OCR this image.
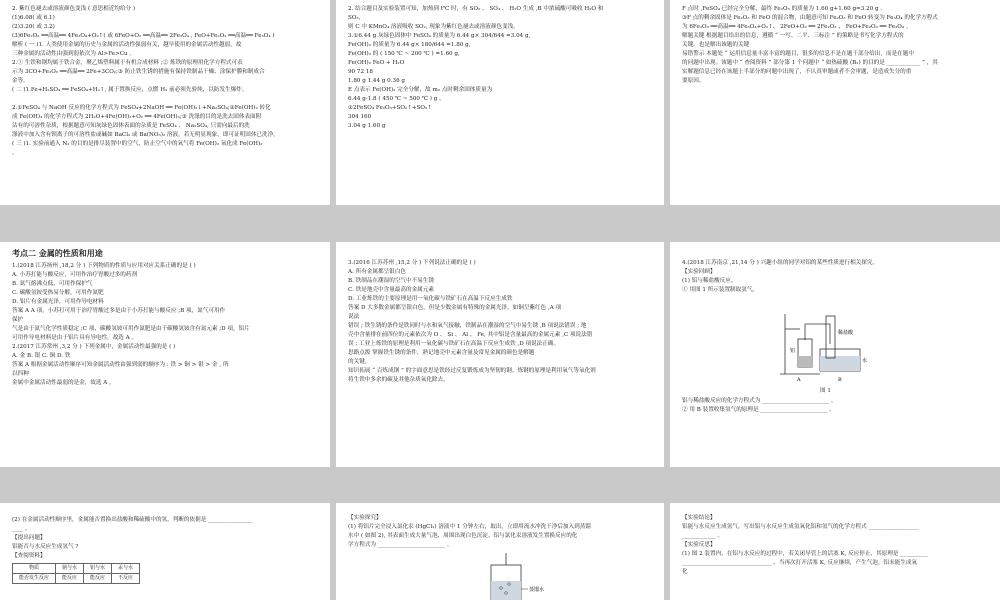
2. 紫红色褪去或溶液颜色变浅 ( 意思相近均给分 )

(1)6.08( 或 6.1)

(2)3.20( 或 3.2)

(3)6Fe₂O₃ ══高温══ 4Fe₃O₄+O₂↑( 或 6FeO+O₂ ══高温══ 2Fe₃O₄ , FeO+Fe₂O₃ ══高温══ Fe₃O₄ )

解析 ( 一 )1. 人类使用金属的历史与金属的活动性强弱有关，越早使用的金属活动性越弱，故

三种金属的活动性由强到弱依次为 Al>Fe>Cu 。

2.① 生铁和钢均属于铁合金，聚乙烯塑料属于有机合成材料 ;② 炼铁的原理用化学方程式可表

示为 3CO+Fe₂O₃ ══高温══ 2Fe+3CO₂;③ 防止铁生锈的措施有保持铁制品干燥、涂保护膜和制成合

金等。

( 二 )1.Fe+H₂SO₄ ══ FeSO₄+H₂↑, 属于置换反应，点燃 H₂ 前必须先验纯，以防发生爆炸。

2.①FeSO₄ 与 NaOH 反应的化学方程式为 FeSO₄+2NaOH ══ Fe(OH)₂↓+Na₂SO₄;②Fe(OH)₂ 转化

成 Fe(OH)₃ 的化学方程式为 2H₂O+4Fe(OH)₂+O₂ ══ 4Fe(OH)₃;③ 洗涤的目的是洗去固体表面附

沾有的可溶性杂质，根据题意可知灰绿色固体表面的杂质是 FeSO₄ 、 Na₂SO₄, 只需向最后的洗

涤液中加入含有钡离子的可溶性盐或碱如 BaCl₂ 或 Ba(NO₃)₂ 溶液，若无明显现象，即可证明固体已洗净。

( 三 )1. 实验前通入 N₂ 的目的是排尽装置中的空气，防止空气中的氧气将 Fe(OH)₂ 氧化成 Fe(OH)₃

。

2. 结合题目及实验装置可知，加热到 t℃ 时，有 SO₂ 、 SO₃ 、 H₂O 生成 ,B 中浓硫酸可吸收 H₂O 和

SO₃,

则 C 中 KMnO₄ 溶液吸收 SO₂, 现象为紫红色褪去或溶液颜色变浅。

3.①6.44 g 灰绿色固体中 FeSO₄ 的质量为 6.44 g× 304/644 =3.04 g,

Fe(OH)₂ 的质量为 6.44 g× 180/644 =1.80 g,

Fe(OH)₂ 的 ( 150 ℃ ~ 200 ℃ ) =1.60 g,

Fe(OH)₂ FeO + H₂O

90 72 18

1.80 g 1.44 g 0.36 g

E 点表示 Fe(OH)₂ 完全分解，故 m₂ 点时剩余固体质量为

6.44 g-1.8 ( 450 ℃ ~ 500 ℃ ) g 。

②2FeSO₄ Fe₂O₃+SO₂↑+SO₃↑

304 160

3.04 g 1.60 g

F 点时 ,FeSO₄ 已经完全分解，最终 Fe₂O₃ 的质量为 1.60 g+1.60 g=3.20 g 。

③F 点的剩余固体是 Fe₂O₃ 和 FeO 的混合物，由题意可知 Fe₂O₃ 和 FeO 转变为 Fe₃O₄ 的化学方程式

为 6Fe₂O₃ ══高温══ 4Fe₃O₄+O₂↑、 2FeO+O₂ ══ 2Fe₂O₃ 、 FeO+Fe₂O₃ ══ Fe₃O₄ 。

解题关键 根据题目给出的信息，遵循 “ 一写、二平、三标注 ” 的策略是书写化学方程式的

关键。也是解出该题的关键

易错警示 本题处 “ 运用信息量丰富丰富的题目，很多的信息不是在题干部分给出，而是在题中

的问题中出现。该题中 “ 查阅资料 ” 部分第 1 个问题中 “ 如热硫酸 (B₂) 的目的是 ____________ ” ，其

实解题信息已经在该题上半部分的问题中出现了，不认真审题或者不会审题，是造成失分的重

要原因。

考点二 金属的性质和用途

1.(2018 江苏扬州 ,18,2 分 ) 下列物质的性质与应用对应关系正确的是 ( )

A. 小苏打能与酸反应，可用作治疗胃酸过多的药剂

B. 氮气熔沸点低，可用作保护气

C. 碳酸氢铵受热易分解，可用作氮肥

D. 铝片有金属光泽，可用作导电材料

答案 A A 项，小苏打可用于治疗胃酸过多是由于小苏打能与酸反应 ;B 项，氮气可用作

保护

气是由于氮气化学性质稳定 ;C 项，碳酸氢铵可用作氮肥是由于碳酸氢铵含有氮元素 ;D 项，铝片

可用作导电材料是由于铝片具有导电性。故选 A 。

2.(2017 江苏常州 ,3,2 分 ) 下列金属中，金属活动性最强的是 ( )

A. 金 B. 银 C. 铜 D. 铁

答案 A 根据金属活动性顺序可知金属活动性由强到弱的顺序为 : 铁 > 铜 > 银 > 金 , 所

以四种

金属中金属活动性最弱的是金，故选 A 。

3.(2016 江苏苏州 ,15,2 分 ) 下列说法正确的是 ( )

A. 所有金属都呈银白色

B. 铁制品在潮湿的空气中不易生锈

C. 铁是地壳中含量最高的金属元素

D. 工业炼铁的主要原理是用一氧化碳与铁矿石在高温下反应生成铁

答案 D 大多数金属都呈银白色，但是少数金属有特殊的金属光泽，如铜呈紫红色 ,A 项

说法

错误 ; 铁生锈的条件是铁同时与水和氧气接触，铁制品在潮湿的空气中易生锈 ,B 项说法错误 ; 地

壳中含量排在前四位的元素依次为 O 、 Si 、 Al 、 Fe, 其中铝是含量最高的金属元素 ,C 项说法错

误 ; 工业上炼铁的原理是利用一氧化碳与铁矿石在高温下反应生成铁 ,D 项说法正确。

思路点拨 掌握铁生锈的条件，熟记地壳中元素含量及常见金属的颜色是解题

的关键。

知识拓展 “ 百炼成钢 ” 的字面意思是铁经过反复锻炼成为坚韧的钢。炼钢的原理是利用氧气等氧化剂

将生铁中多余的碳及其他杂质氧化除去。

4.(2018 江苏南京 ,21,14 分 ) 兴趣小组的同学对铝的某些性质进行相关探究。

【实验回顾】

(1) 铝与稀盐酸反应。

① 用图 1 所示装置制取氢气。

稀盐酸
铝
A	B
水

图 1

铝与稀盐酸反应的化学方程式为 ________________________ 。

② 用 B 装置收集氢气的原理是 ________________________ 。

(2) 在金属活动性顺序里，金属能否置换出盐酸和稀硫酸中的氢，判断的依据是 ________________

____ 。

【提出问题】

铝能否与水反应生成氢气 ?

【查阅资料】

物质	钠与水	铝与水	汞与水
能否发生反应	能反应	能反应	不反应

【实验探究】

(1) 将铝片完全浸入氯化汞 (HgCl₂) 溶液中 1 分钟左右，取出，立即用流水冲洗干净后加入到蒸馏

水中 ( 如图 2), 其表面生成大量气泡、周围出现白色沉淀。铝与氯化汞溶液发生置换反应的化

学方程式为 ________________________ 。

蒸馏水

【实验结论】

铝能与水反应生成氢气。写出铝与水反应生成氢氧化铝和氢气的化学方程式 __________________

____________ 。

【实验反思】

(1) 图 2 装置内，在铝与水反应的过程中，若关闭导管上的活塞 K, 反应停止，其原理是 __________

________________________________ 。当再次打开活塞 K, 反应继续，产生气泡。铝未能生成氧

化
